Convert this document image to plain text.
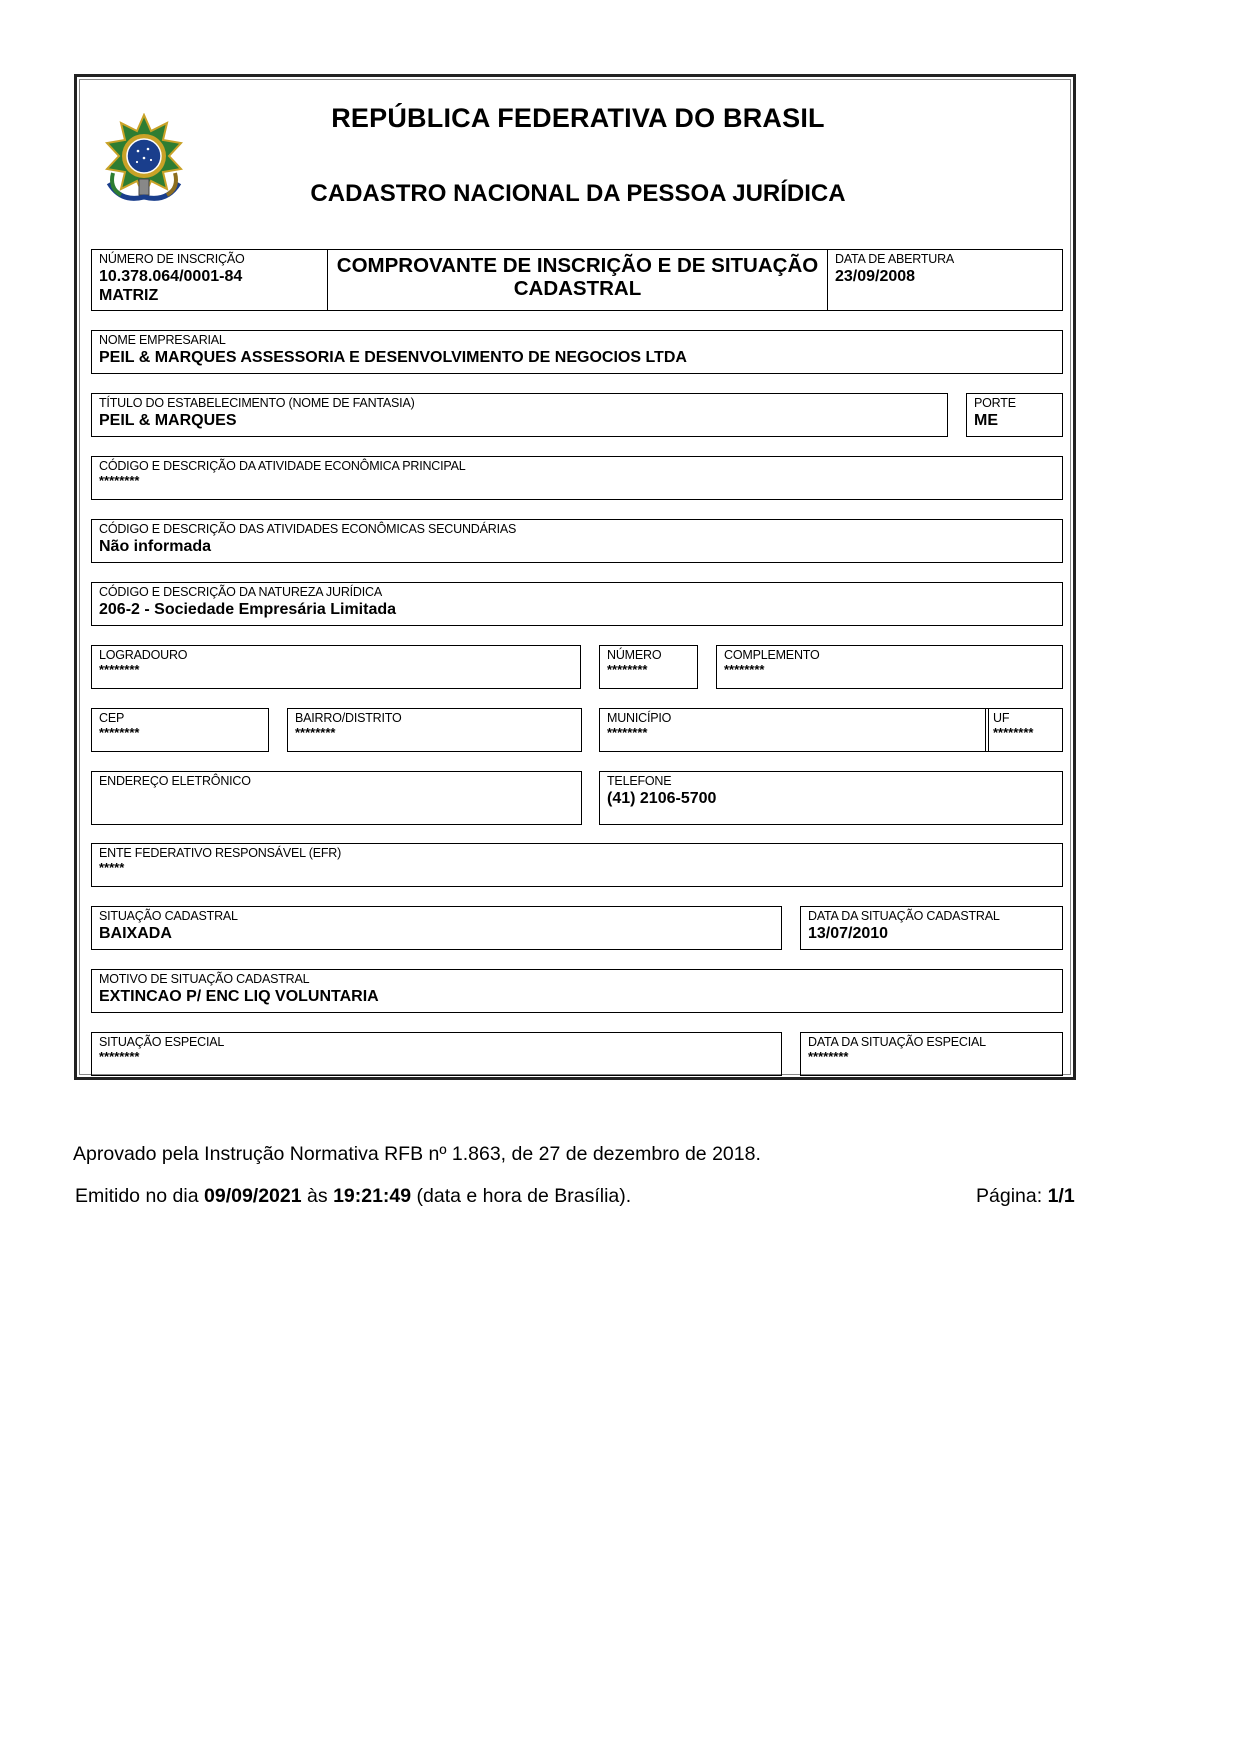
REPÚBLICA FEDERATIVA DO BRASIL
CADASTRO NACIONAL DA PESSOA JURÍDICA
NÚMERO DE INSCRIÇÃO
10.378.064/0001-84
MATRIZ
COMPROVANTE DE INSCRIÇÃO E DE SITUAÇÃO
CADASTRAL
DATA DE ABERTURA
23/09/2008
NOME EMPRESARIAL
PEIL & MARQUES ASSESSORIA E DESENVOLVIMENTO DE NEGOCIOS LTDA
TÍTULO DO ESTABELECIMENTO (NOME DE FANTASIA)
PEIL & MARQUES
PORTE
ME
CÓDIGO E DESCRIÇÃO DA ATIVIDADE ECONÔMICA PRINCIPAL
********
CÓDIGO E DESCRIÇÃO DAS ATIVIDADES ECONÔMICAS SECUNDÁRIAS
Não informada
CÓDIGO E DESCRIÇÃO DA NATUREZA JURÍDICA
206-2 - Sociedade Empresária Limitada
LOGRADOURO
********
NÚMERO
********
COMPLEMENTO
********
CEP
********
BAIRRO/DISTRITO
********
MUNICÍPIO
********
UF
********
ENDEREÇO ELETRÔNICO	TELEFONE
(41) 2106-5700
ENTE FEDERATIVO RESPONSÁVEL (EFR)
*****
SITUAÇÃO CADASTRAL
BAIXADA
DATA DA SITUAÇÃO CADASTRAL
13/07/2010
MOTIVO DE SITUAÇÃO CADASTRAL
EXTINCAO P/ ENC LIQ VOLUNTARIA
SITUAÇÃO ESPECIAL
********
DATA DA SITUAÇÃO ESPECIAL
********
Aprovado pela Instrução Normativa RFB nº 1.863, de 27 de dezembro de 2018.
Emitido no dia 09/09/2021 às 19:21:49 (data e hora de Brasília).	Página: 1/1
